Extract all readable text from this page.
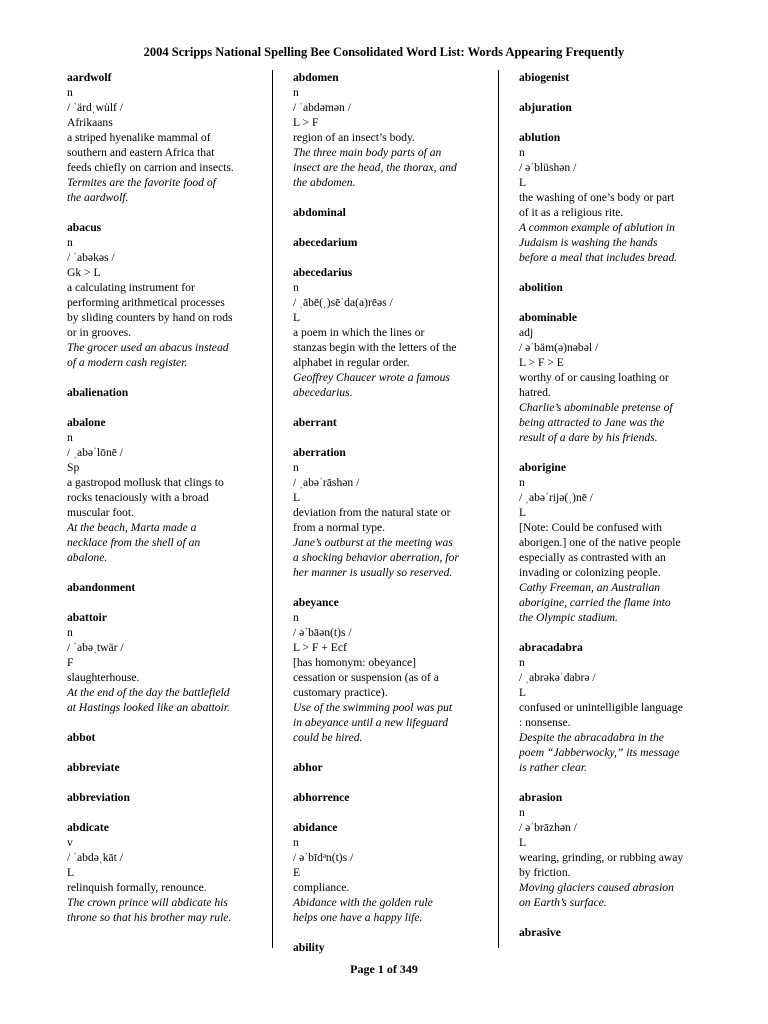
2004 Scripps National Spelling Bee Consolidated Word List: Words Appearing Frequently
aardwolf
n
/ ˈärdˌwu̇lf /
Afrikaans
a striped hyenalike mammal of
southern and eastern Africa that
feeds chiefly on carrion and insects.
Termites are the favorite food of
the aardwolf.
abacus
n
/ ˈabəkəs /
Gk > L
a calculating instrument for
performing arithmetical processes
by sliding counters by hand on rods
or in grooves.
The grocer used an abacus instead
of a modern cash register.
abalienation
abalone
n
/ ˌabəˈlōnē /
Sp
a gastropod mollusk that clings to
rocks tenaciously with a broad
muscular foot.
At the beach, Marta made a
necklace from the shell of an
abalone.
abandonment
abattoir
n
/ ˈabəˌtwär /
F
slaughterhouse.
At the end of the day the battlefield
at Hastings looked like an abattoir.
abbot
abbreviate
abbreviation
abdicate
v
/ ˈabdəˌkāt /
L
relinquish formally, renounce.
The crown prince will abdicate his
throne so that his brother may rule.
abdomen
n
/ ˈabdəmən /
L > F
region of an insect’s body.
The three main body parts of an
insect are the head, the thorax, and
the abdomen.
abdominal
abecedarium
abecedarius
n
/ ˌābē(ˌ)sēˈda(a)rēəs /
L
a poem in which the lines or
stanzas begin with the letters of the
alphabet in regular order.
Geoffrey Chaucer wrote a famous
abecedarius.
aberrant
aberration
n
/ ˌabəˈrāshən /
L
deviation from the natural state or
from a normal type.
Jane’s outburst at the meeting was
a shocking behavior aberration, for
her manner is usually so reserved.
abeyance
n
/ əˈbāən(t)s /
L > F + Ecf
[has homonym: obeyance]
cessation or suspension (as of a
customary practice).
Use of the swimming pool was put
in abeyance until a new lifeguard
could be hired.
abhor
abhorrence
abidance
n
/ əˈbīdᵊn(t)s /
E
compliance.
Abidance with the golden rule
helps one have a happy life.
ability
abiogenist
abjuration
ablution
n
/ əˈblüshən /
L
the washing of one’s body or part
of it as a religious rite.
A common example of ablution in
Judaism is washing the hands
before a meal that includes bread.
abolition
abominable
adj
/ əˈbäm(ə)nəbəl /
L > F > E
worthy of or causing loathing or
hatred.
Charlie’s abominable pretense of
being attracted to Jane was the
result of a dare by his friends.
aborigine
n
/ ˌabəˈrijə(ˌ)nē /
L
[Note: Could be confused with
aborigen.] one of the native people
especially as contrasted with an
invading or colonizing people.
Cathy Freeman, an Australian
aborigine, carried the flame into
the Olympic stadium.
abracadabra
n
/ ˌabrəkəˈdabrə /
L
confused or unintelligible language
: nonsense.
Despite the abracadabra in the
poem “Jabberwocky,” its message
is rather clear.
abrasion
n
/ əˈbrāzhən /
L
wearing, grinding, or rubbing away
by friction.
Moving glaciers caused abrasion
on Earth’s surface.
abrasive
Page 1 of 349
